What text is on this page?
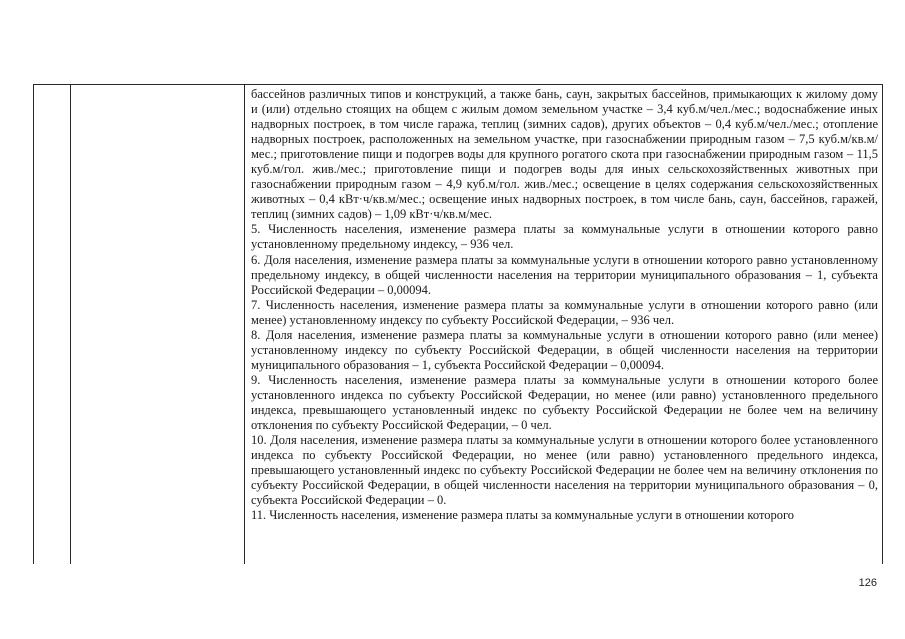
бассейнов различных типов и конструкций, а также бань, саун, закрытых бассейнов, примыкающих к жилому дому и (или) отдельно стоящих на общем с жилым домом земельном участке – 3,4 куб.м/чел./мес.; водоснабжение иных надворных построек, в том числе гаража, теплиц (зимних садов), других объектов – 0,4 куб.м/чел./мес.; отопление надворных построек, расположенных на земельном участке, при газоснабжении природным газом – 7,5 куб.м/кв.м/мес.; приготовление пищи и подогрев воды для крупного рогатого скота при газоснабжении природным газом – 11,5 куб.м/гол. жив./мес.; приготовление пищи и подогрев воды для иных сельскохозяйственных животных при газоснабжении природным газом – 4,9 куб.м/гол. жив./мес.; освещение в целях содержания сельскохозяйственных животных – 0,4 кВт·ч/кв.м/мес.; освещение иных надворных построек, в том числе бань, саун, бассейнов, гаражей, теплиц (зимних садов) – 1,09 кВт·ч/кв.м/мес.

5. Численность населения, изменение размера платы за коммунальные услуги в отношении которого равно установленному предельному индексу, – 936 чел.

6. Доля населения, изменение размера платы за коммунальные услуги в отношении которого равно установленному предельному индексу, в общей численности населения на территории муниципального образования – 1, субъекта Российской Федерации – 0,00094.

7. Численность населения, изменение размера платы за коммунальные услуги в отношении которого равно (или менее) установленному индексу по субъекту Российской Федерации, – 936 чел.

8. Доля населения, изменение размера платы за коммунальные услуги в отношении которого равно (или менее) установленному индексу по субъекту Российской Федерации, в общей численности населения на территории муниципального образования – 1, субъекта Российской Федерации – 0,00094.

9. Численность населения, изменение размера платы за коммунальные услуги в отношении которого более установленного индекса по субъекту Российской Федерации, но менее (или равно) установленного предельного индекса, превышающего установленный индекс по субъекту Российской Федерации не более чем на величину отклонения по субъекту Российской Федерации, – 0 чел.

10. Доля населения, изменение размера платы за коммунальные услуги в отношении которого более установленного индекса по субъекту Российской Федерации, но менее (или равно) установленного предельного индекса, превышающего установленный индекс по субъекту Российской Федерации не более чем на величину отклонения по субъекту Российской Федерации, в общей численности населения на территории муниципального образования – 0, субъекта Российской Федерации – 0.

11. Численность населения, изменение размера платы за коммунальные услуги в отношении которого

126
